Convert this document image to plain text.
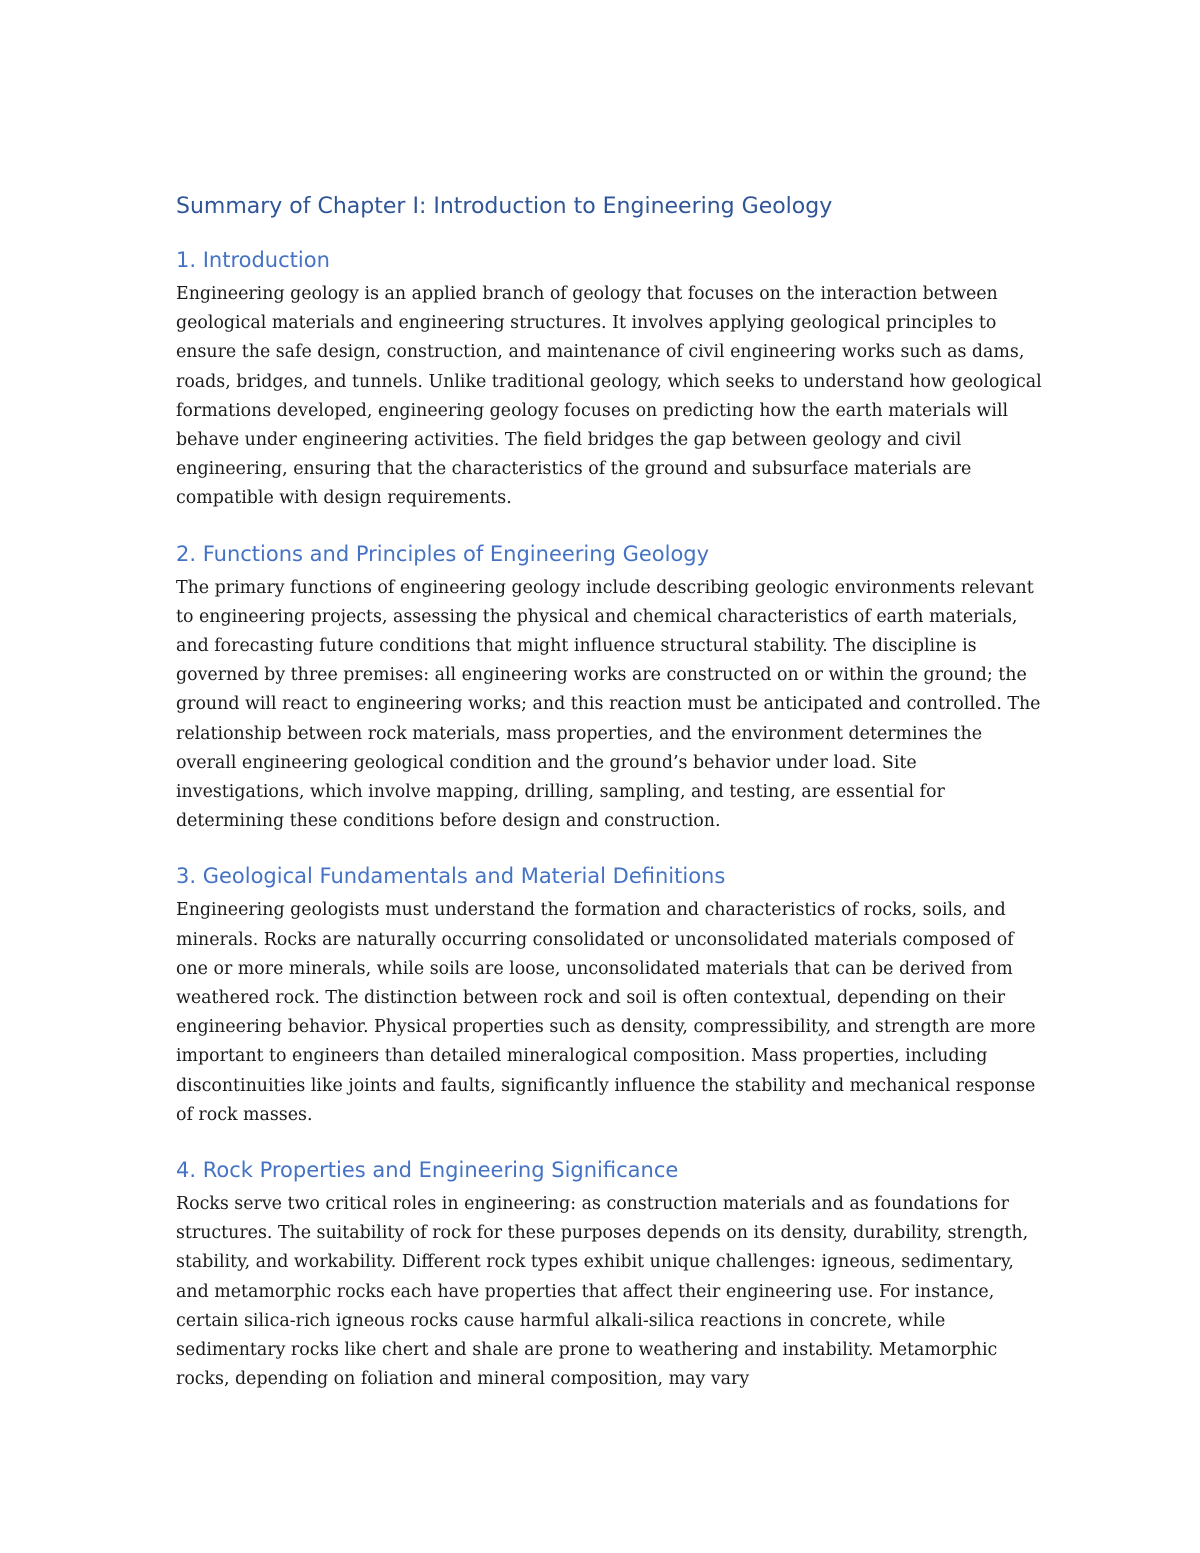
Summary of Chapter I: Introduction to Engineering Geology
1. Introduction

Engineering geology is an applied branch of geology that focuses on the interaction between geological materials and engineering structures. It involves applying geological principles to ensure the safe design, construction, and maintenance of civil engineering works such as dams, roads, bridges, and tunnels. Unlike traditional geology, which seeks to understand how geological formations developed, engineering geology focuses on predicting how the earth materials will behave under engineering activities. The field bridges the gap between geology and civil engineering, ensuring that the characteristics of the ground and subsurface materials are compatible with design requirements.

2. Functions and Principles of Engineering Geology

The primary functions of engineering geology include describing geologic environments relevant to engineering projects, assessing the physical and chemical characteristics of earth materials, and forecasting future conditions that might influence structural stability. The discipline is governed by three premises: all engineering works are constructed on or within the ground; the ground will react to engineering works; and this reaction must be anticipated and controlled. The relationship between rock materials, mass properties, and the environment determines the overall engineering geological condition and the ground’s behavior under load. Site investigations, which involve mapping, drilling, sampling, and testing, are essential for determining these conditions before design and construction.

3. Geological Fundamentals and Material Definitions

Engineering geologists must understand the formation and characteristics of rocks, soils, and minerals. Rocks are naturally occurring consolidated or unconsolidated materials composed of one or more minerals, while soils are loose, unconsolidated materials that can be derived from weathered rock. The distinction between rock and soil is often contextual, depending on their engineering behavior. Physical properties such as density, compressibility, and strength are more important to engineers than detailed mineralogical composition. Mass properties, including discontinuities like joints and faults, significantly influence the stability and mechanical response of rock masses.

4. Rock Properties and Engineering Significance

Rocks serve two critical roles in engineering: as construction materials and as foundations for structures. The suitability of rock for these purposes depends on its density, durability, strength, stability, and workability. Different rock types exhibit unique challenges: igneous, sedimentary, and metamorphic rocks each have properties that affect their engineering use. For instance, certain silica-rich igneous rocks cause harmful alkali-silica reactions in concrete, while sedimentary rocks like chert and shale are prone to weathering and instability. Metamorphic rocks, depending on foliation and mineral composition, may vary
